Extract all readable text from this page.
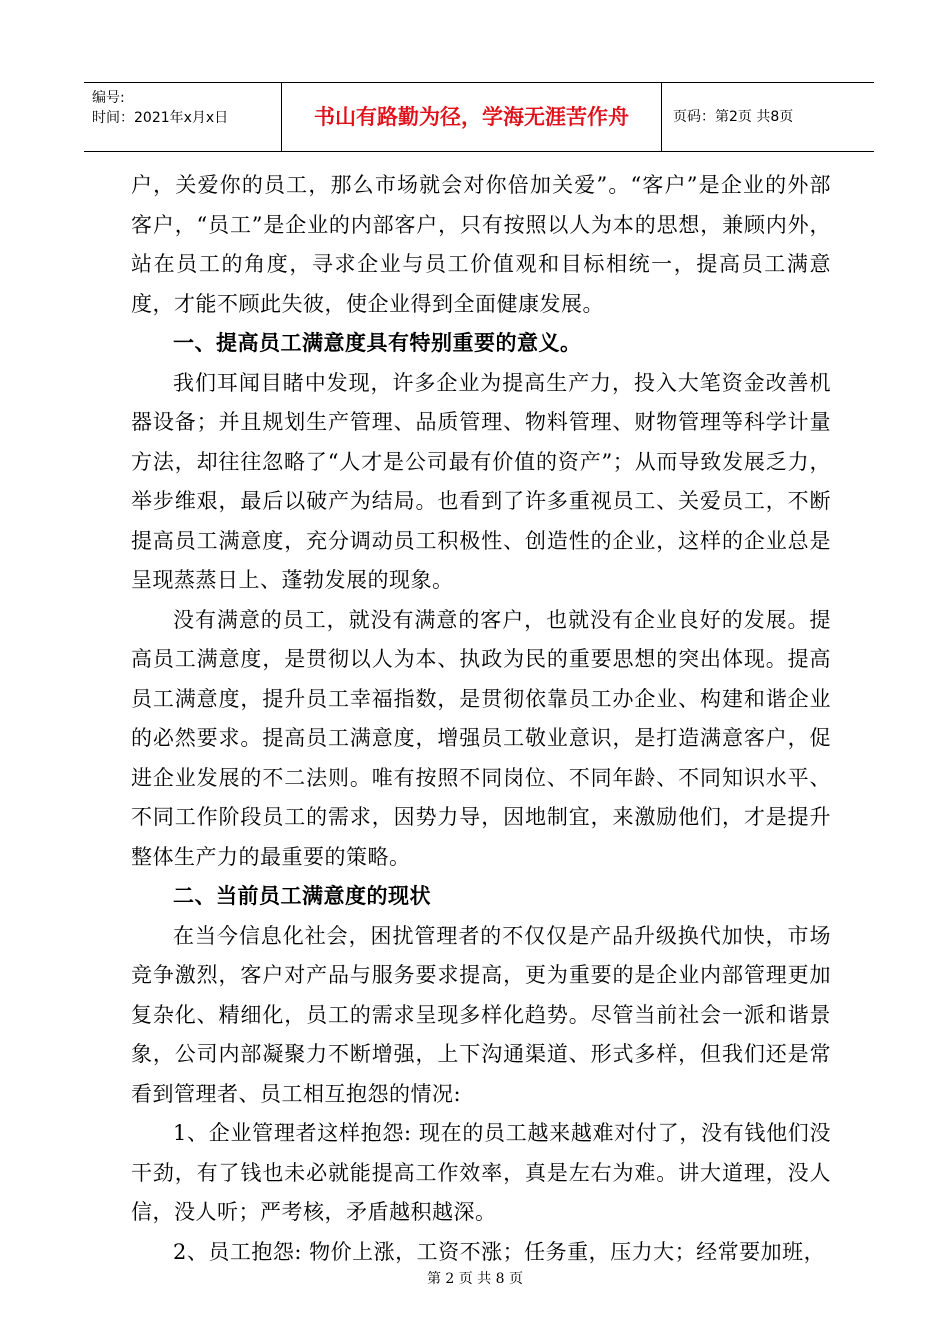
编号:
时间：2021年x月x日	书山有路勤为径，学海无涯苦作舟	页码：第2页 共8页

户，关爱你的员工，那么市场就会对你倍加关爱”。“客户”是企业的外部客户，“员工”是企业的内部客户，只有按照以人为本的思想，兼顾内外，站在员工的角度，寻求企业与员工价值观和目标相统一，提高员工满意度，才能不顾此失彼，使企业得到全面健康发展。

一、提高员工满意度具有特别重要的意义。

我们耳闻目睹中发现，许多企业为提高生产力，投入大笔资金改善机器设备；并且规划生产管理、品质管理、物料管理、财物管理等科学计量方法，却往往忽略了“人才是公司最有价值的资产”；从而导致发展乏力，举步维艰，最后以破产为结局。也看到了许多重视员工、关爱员工，不断提高员工满意度，充分调动员工积极性、创造性的企业，这样的企业总是呈现蒸蒸日上、蓬勃发展的现象。

没有满意的员工，就没有满意的客户，也就没有企业良好的发展。提高员工满意度，是贯彻以人为本、执政为民的重要思想的突出体现。提高员工满意度，提升员工幸福指数，是贯彻依靠员工办企业、构建和谐企业的必然要求。提高员工满意度，增强员工敬业意识，是打造满意客户，促进企业发展的不二法则。唯有按照不同岗位、不同年龄、不同知识水平、不同工作阶段员工的需求，因势力导，因地制宜，来激励他们，才是提升整体生产力的最重要的策略。

二、当前员工满意度的现状

在当今信息化社会，困扰管理者的不仅仅是产品升级换代加快，市场竞争激烈，客户对产品与服务要求提高，更为重要的是企业内部管理更加复杂化、精细化，员工的需求呈现多样化趋势。尽管当前社会一派和谐景象，公司内部凝聚力不断增强，上下沟通渠道、形式多样，但我们还是常看到管理者、员工相互抱怨的情况:

1、企业管理者这样抱怨: 现在的员工越来越难对付了，没有钱他们没干劲，有了钱也未必就能提高工作效率，真是左右为难。讲大道理，没人信，没人听；严考核，矛盾越积越深。

2、员工抱怨: 物价上涨，工资不涨；任务重，压力大；经常要加班，

第 2 页 共 8 页
